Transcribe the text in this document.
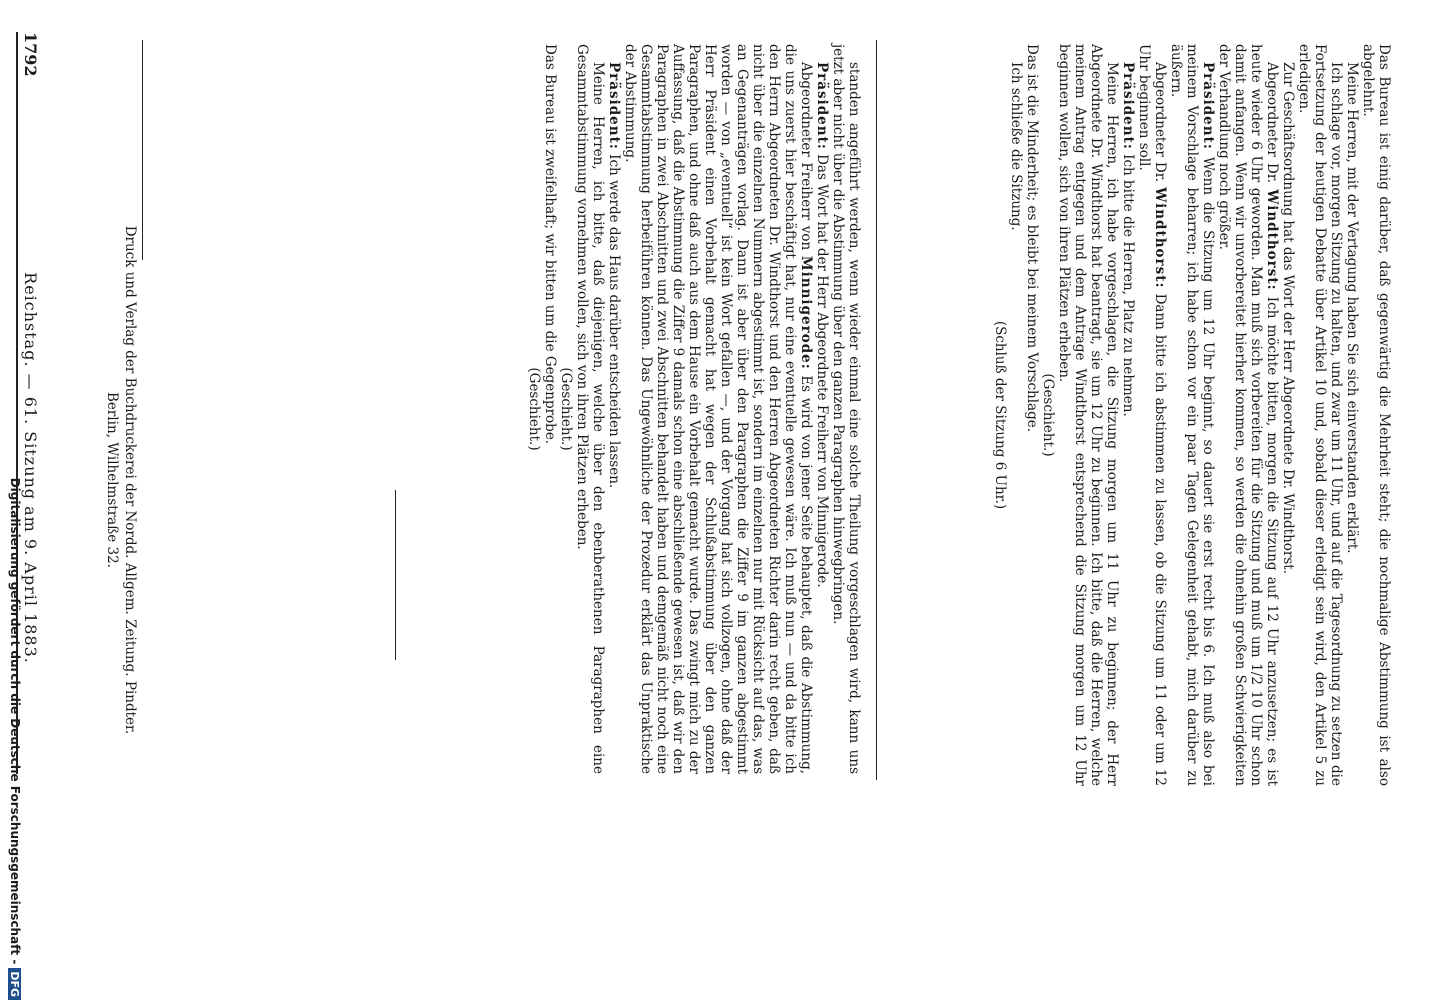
1792
Reichstag. — 61. Sitzung am 9. April 1883.	standen angeführt werden, wenn wieder einmal eine solche Theilung vorgeschlagen wird, kann uns jetzt aber nicht über die Abstimmung über den ganzen Paragraphen hinwegbringen.

Präsident: Das Wort hat der Herr Abgeordnete Freiherr von Minnigerode.

Abgeordneter Freiherr von Minnigerode: Es wird von jener Seite behauptet, daß die Abstimmung, die uns zuerst hier beschäftigt hat, nur eine eventuelle gewesen wäre. Ich muß nun — und da bitte ich den Herrn Abgeordneten Dr. Windthorst und den Herren Abgeordneten Richter darin recht geben, daß nicht über die einzelnen Nummern abgestimmt ist, sondern im einzelnen nur mit Rücksicht auf das, was an Gegenanträgen vorlag. Dann ist aber über den Paragraphen die Ziffer 9 im ganzen abgestimmt worden — von „eventuell“ ist kein Wort gefallen —, und der Vorgang hat sich vollzogen, ohne daß der Herr Präsident einen Vorbehalt gemacht hat wegen der Schlußabstimmung über den ganzen Paragraphen, und ohne daß auch aus dem Hause ein Vorbehalt gemacht wurde. Das zwingt mich zu der Auffassung, daß die Abstimmung die Ziffer 9 damals schon eine abschließende gewesen ist, daß wir den Paragraphen in zwei Abschnitten und zwei Abschnitten behandelt haben und demgemäß nicht noch eine Gesammtabstimmung herbeiführen können. Das Ungewöhnliche der Prozedur erklärt das Unpraktische der Abstimmung.

Präsident: Ich werde das Haus darüber entscheiden lassen.

Meine Herren, ich bitte, daß diejenigen, welche über den ebenberathenen Paragraphen eine Gesammtabstimmung vornehmen wollen, sich von ihren Plätzen erheben.

(Geschieht.)

Das Bureau ist zweifelhaft; wir bitten um die Gegenprobe.

(Geschieht.)	Das Bureau ist einig darüber, daß gegenwärtig die Mehrheit steht; die nochmalige Abstimmung ist also abgelehnt.

Meine Herren, mit der Vertagung haben Sie sich einverstanden erklärt.

Ich schlage vor, morgen Sitzung zu halten, und zwar um 11 Uhr, und auf die Tagesordnung zu setzen die Fortsetzung der heutigen Debatte über Artikel 10 und, sobald dieser erledigt sein wird, den Artikel 5 zu erledigen.

Zur Geschäftsordnung hat das Wort der Herr Abgeordnete Dr. Windthorst.

Abgeordneter Dr. Windthorst: Ich möchte bitten, morgen die Sitzung auf 12 Uhr anzusetzen; es ist heute wieder 6 Uhr geworden. Man muß sich vorbereiten für die Sitzung und muß um 1/2 10 Uhr schon damit anfangen. Wenn wir unvorbereitet hierher kommen, so werden die ohnehin großen Schwierigkeiten der Verhandlung noch größer.

Präsident: Wenn die Sitzung um 12 Uhr beginnt, so dauert sie erst recht bis 6. Ich muß also bei meinem Vorschlage beharren; ich habe schon vor ein paar Tagen Gelegenheit gehabt, mich darüber zu äußern.

Abgeordneter Dr. Windthorst: Dann bitte ich abstimmen zu lassen, ob die Sitzung um 11 oder um 12 Uhr beginnen soll.

Präsident: Ich bitte die Herren, Platz zu nehmen.

Meine Herren, ich habe vorgeschlagen, die Sitzung morgen um 11 Uhr zu beginnen; der Herr Abgeordnete Dr. Windthorst hat beantragt, sie um 12 Uhr zu beginnen. Ich bitte, daß die Herren, welche meinem Antrag entgegen und dem Antrage Windthorst entsprechend die Sitzung morgen um 12 Uhr beginnen wollen, sich von ihren Plätzen erheben.

(Geschieht.)

Das ist die Minderheit; es bleibt bei meinem Vorschlage.

Ich schließe die Sitzung.

(Schluß der Sitzung 6 Uhr.)

Druck und Verlag der Buchdruckerei der Nordd. Allgem. Zeitung. Pindter.
Berlin, Wilhelmstraße 32.
Digitalisierung gefördert durch die Deutsche Forschungsgemeinschaft -DFG
